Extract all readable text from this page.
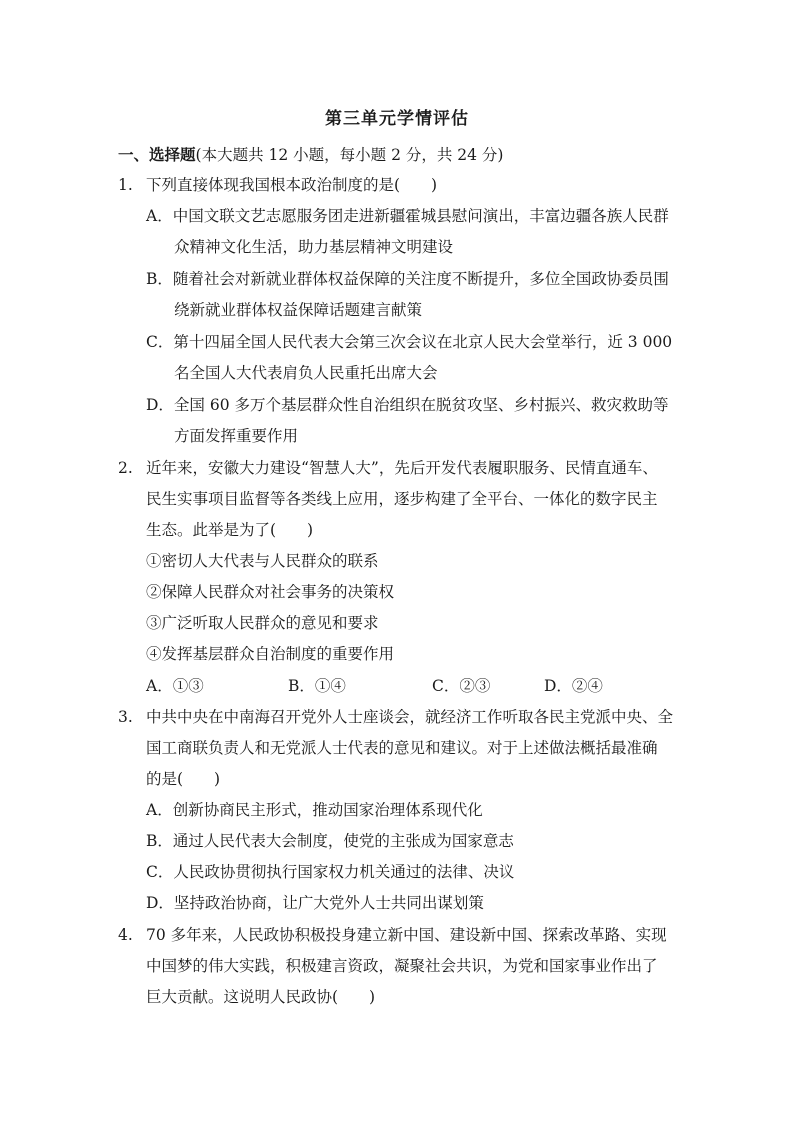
第三单元学情评估
一、选择题(本大题共 12 小题，每小题 2 分，共 24 分)
1. 下列直接体现我国根本政治制度的是(　　)
A．中国文联文艺志愿服务团走进新疆霍城县慰问演出，丰富边疆各族人民群
众精神文化生活，助力基层精神文明建设
B．随着社会对新就业群体权益保障的关注度不断提升，多位全国政协委员围
绕新就业群体权益保障话题建言献策
C．第十四届全国人民代表大会第三次会议在北京人民大会堂举行，近 3 000
名全国人大代表肩负人民重托出席大会
D．全国 60 多万个基层群众性自治组织在脱贫攻坚、乡村振兴、救灾救助等
方面发挥重要作用
2. 近年来，安徽大力建设“智慧人大”，先后开发代表履职服务、民情直通车、
民生实事项目监督等各类线上应用，逐步构建了全平台、一体化的数字民主
生态。此举是为了(　　)
①密切人大代表与人民群众的联系
②保障人民群众对社会事务的决策权
③广泛听取人民群众的意见和要求
④发挥基层群众自治制度的重要作用
A．①③	B．①④	C．②③	D．②④
3. 中共中央在中南海召开党外人士座谈会，就经济工作听取各民主党派中央、全
国工商联负责人和无党派人士代表的意见和建议。对于上述做法概括最准确
的是(　　)
A．创新协商民主形式，推动国家治理体系现代化
B．通过人民代表大会制度，使党的主张成为国家意志
C．人民政协贯彻执行国家权力机关通过的法律、决议
D．坚持政治协商，让广大党外人士共同出谋划策
4. 70 多年来，人民政协积极投身建立新中国、建设新中国、探索改革路、实现
中国梦的伟大实践，积极建言资政，凝聚社会共识，为党和国家事业作出了
巨大贡献。这说明人民政协(　　)
